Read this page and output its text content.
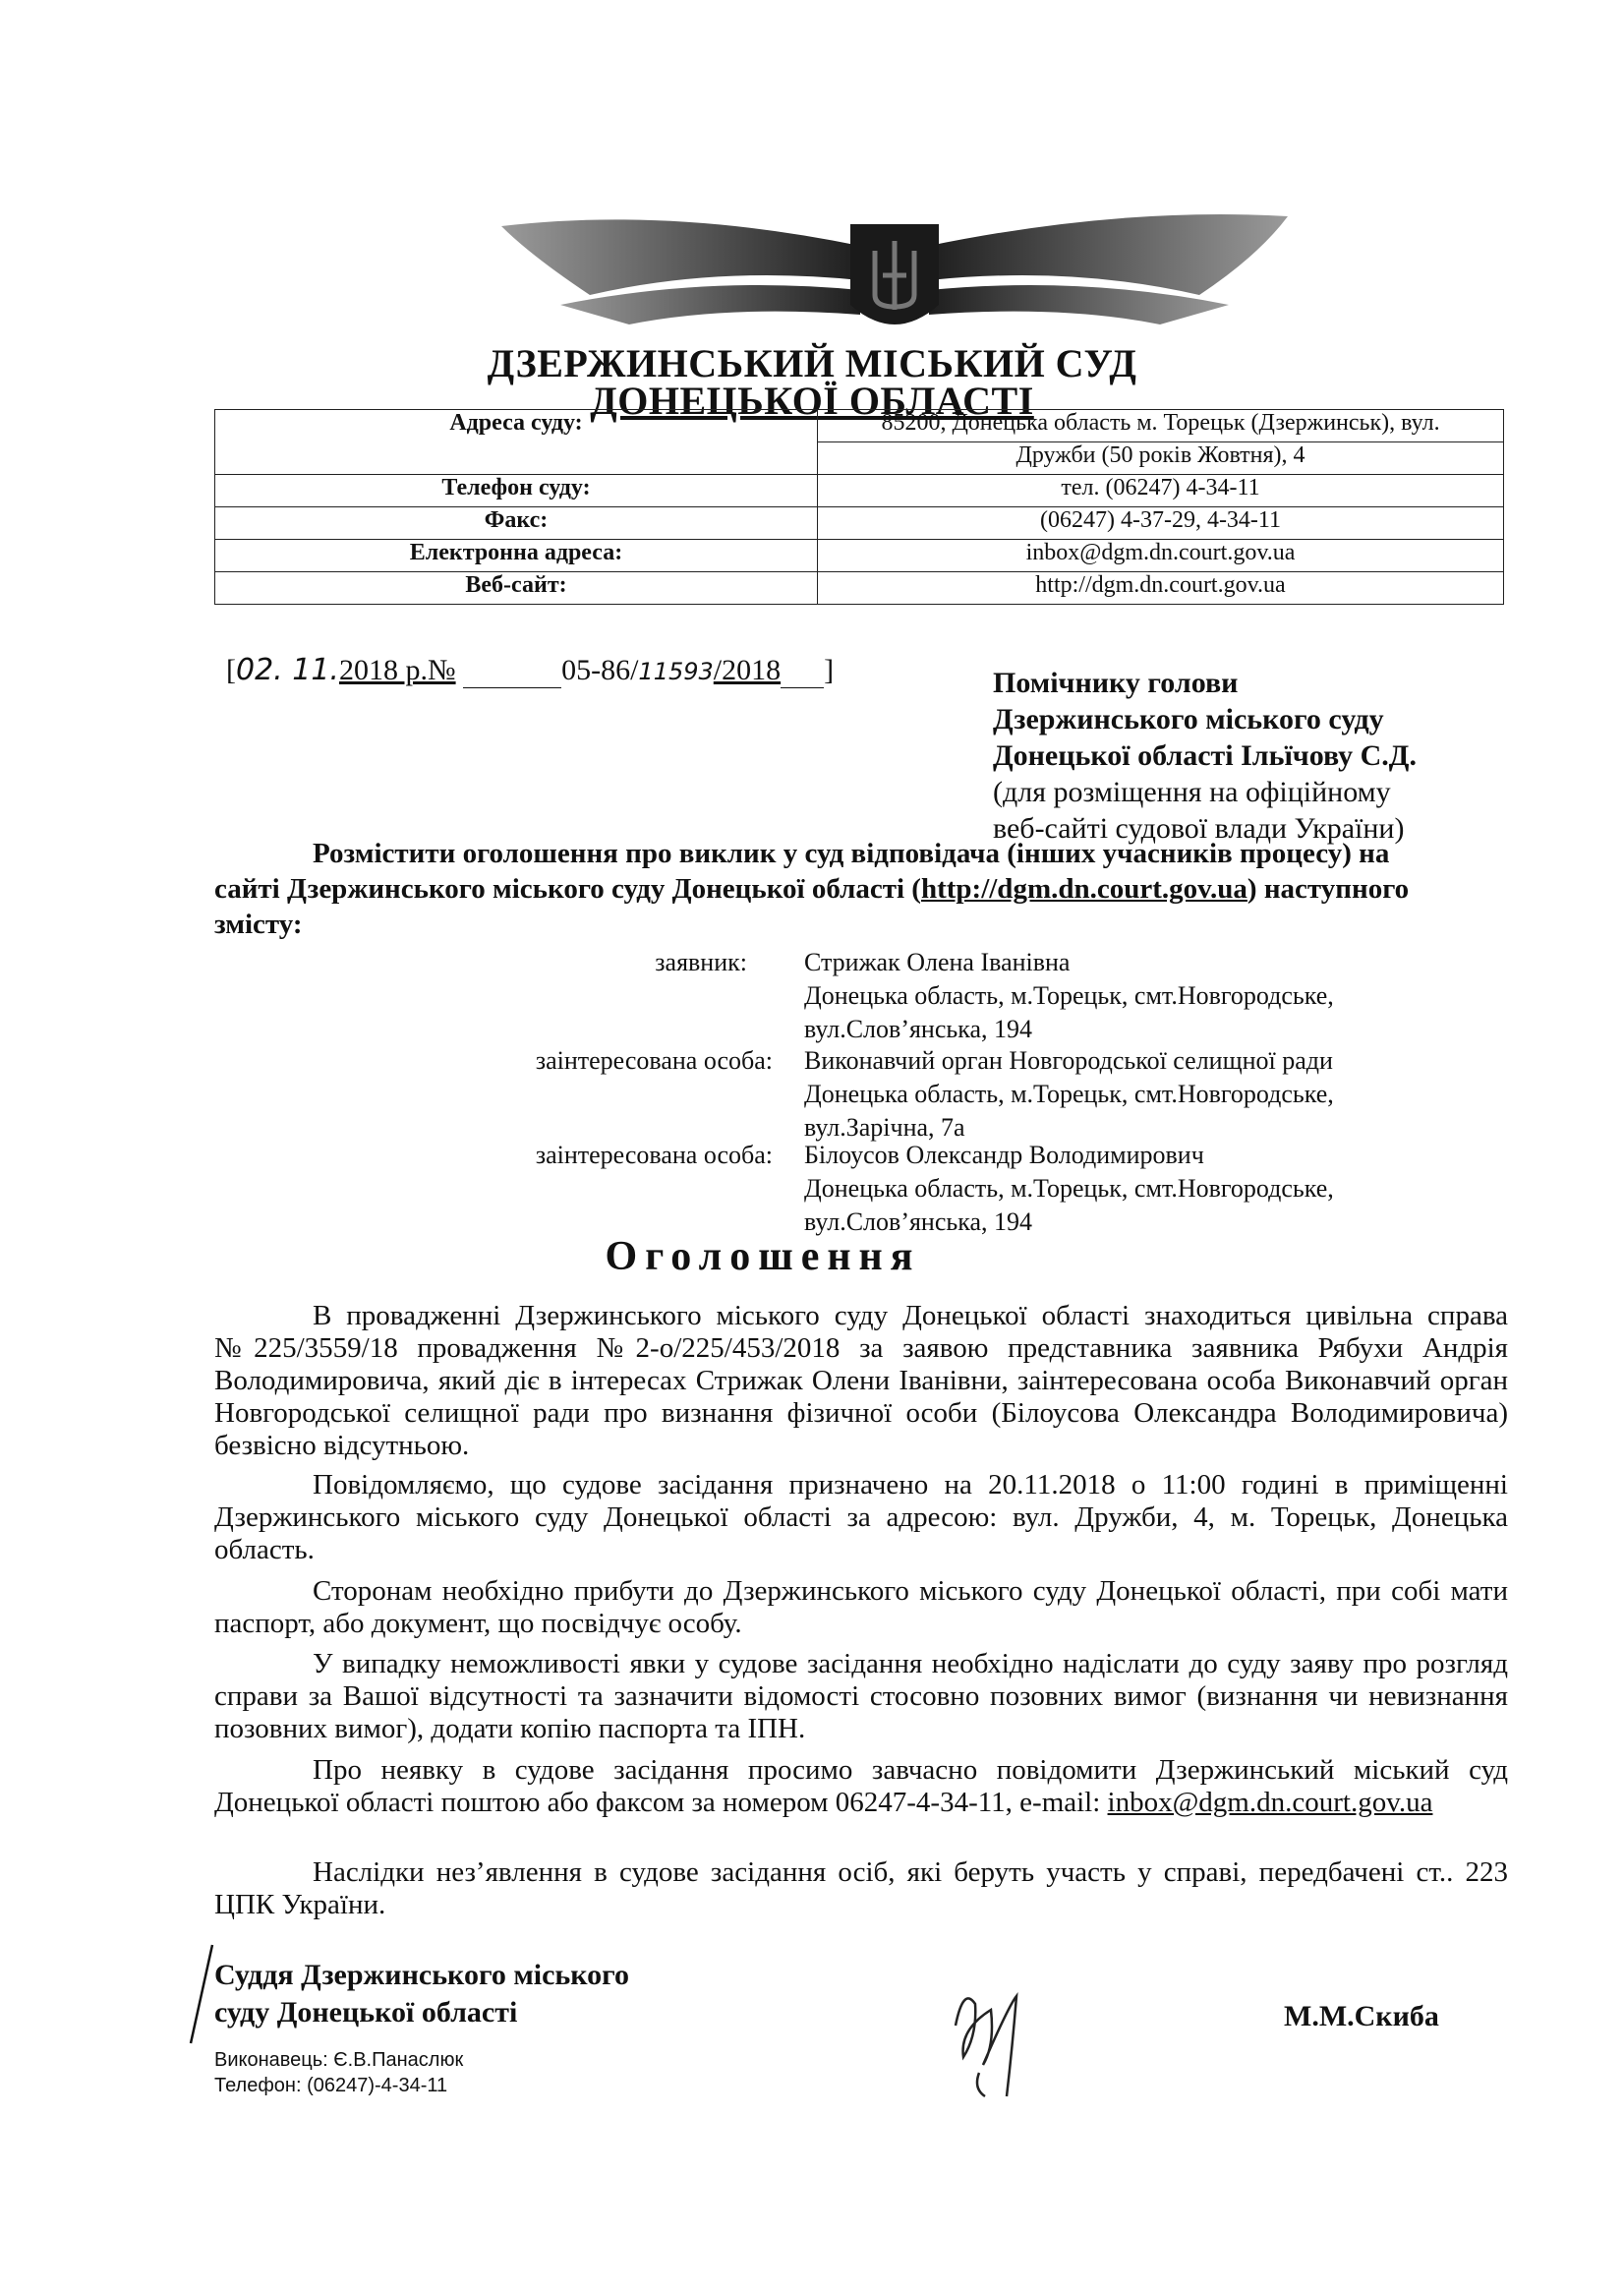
ДЗЕРЖИНСЬКИЙ МІСЬКИЙ СУД
ДОНЕЦЬКОЇ ОБЛАСТІ
Адреса суду:	85200, Донецька область м. Торецьк (Дзержинськ), вул.
	Дружби (50 років Жовтня), 4
Телефон суду:	тел. (06247) 4-34-11
Факс:	(06247) 4-37-29, 4-34-11
Електронна адреса:	inbox@dgm.dn.court.gov.ua
Веб-сайт:	http://dgm.dn.court.gov.ua
[02. 11.2018 р.№	05-86/11593/2018 ]	Помічнику голови
Дзержинського міського суду
Донецької області Ільїчову С.Д.
(для розміщення на офіційному
веб-сайті судової влади України)
Розмістити оголошення про виклик у суд відповідача (інших учасників процесу) на
сайті Дзержинського міського суду Донецької області (http://dgm.dn.court.gov.ua) наступного
змісту:
заявник: Стрижак Олена Іванівна
Донецька область, м.Торецьк, смт.Новгородське,
вул.Слов’янська, 194
заінтересована особа: Виконавчий орган Новгородської селищної ради
Донецька область, м.Торецьк, смт.Новгородське,
вул.Зарічна, 7а
заінтересована особа: Білоусов Олександр Володимирович
Донецька область, м.Торецьк, смт.Новгородське,
вул.Слов’янська, 194
Оголошення
В провадженні Дзержинського міського суду Донецької області знаходиться цивільна справа №225/3559/18 провадження №2-о/225/453/2018 за заявою представника заявника Рябухи Андрія Володимировича, який діє в інтересах Стрижак Олени Іванівни, заінтересована особа Виконавчий орган Новгородської селищної ради про визнання фізичної особи (Білоусова Олександра Володимировича) безвісно відсутньою.
Повідомляємо, що судове засідання призначено на 20.11.2018 о 11:00 годині в приміщенні Дзержинського міського суду Донецької області за адресою: вул. Дружби, 4, м. Торецьк, Донецька область.
Сторонам необхідно прибути до Дзержинського міського суду Донецької області, при собі мати паспорт, або документ, що посвідчує особу.
У випадку неможливості явки у судове засідання необхідно надіслати до суду заяву про розгляд справи за Вашої відсутності та зазначити відомості стосовно позовних вимог (визнання чи невизнання позовних вимог), додати копію паспорта та ІПН.
Про неявку в судове засідання просимо завчасно повідомити Дзержинський міський суд Донецької області поштою або факсом за номером 06247-4-34-11, e-mail: inbox@dgm.dn.court.gov.ua
Наслідки нез’явлення в судове засідання осіб, які беруть участь у справі, передбачені ст.. 223 ЦПК України.
Суддя Дзержинського міського
суду Донецької області	М.М.Скиба
Виконавець: Є.В.Панаслюк
Телефон: (06247)-4-34-11
